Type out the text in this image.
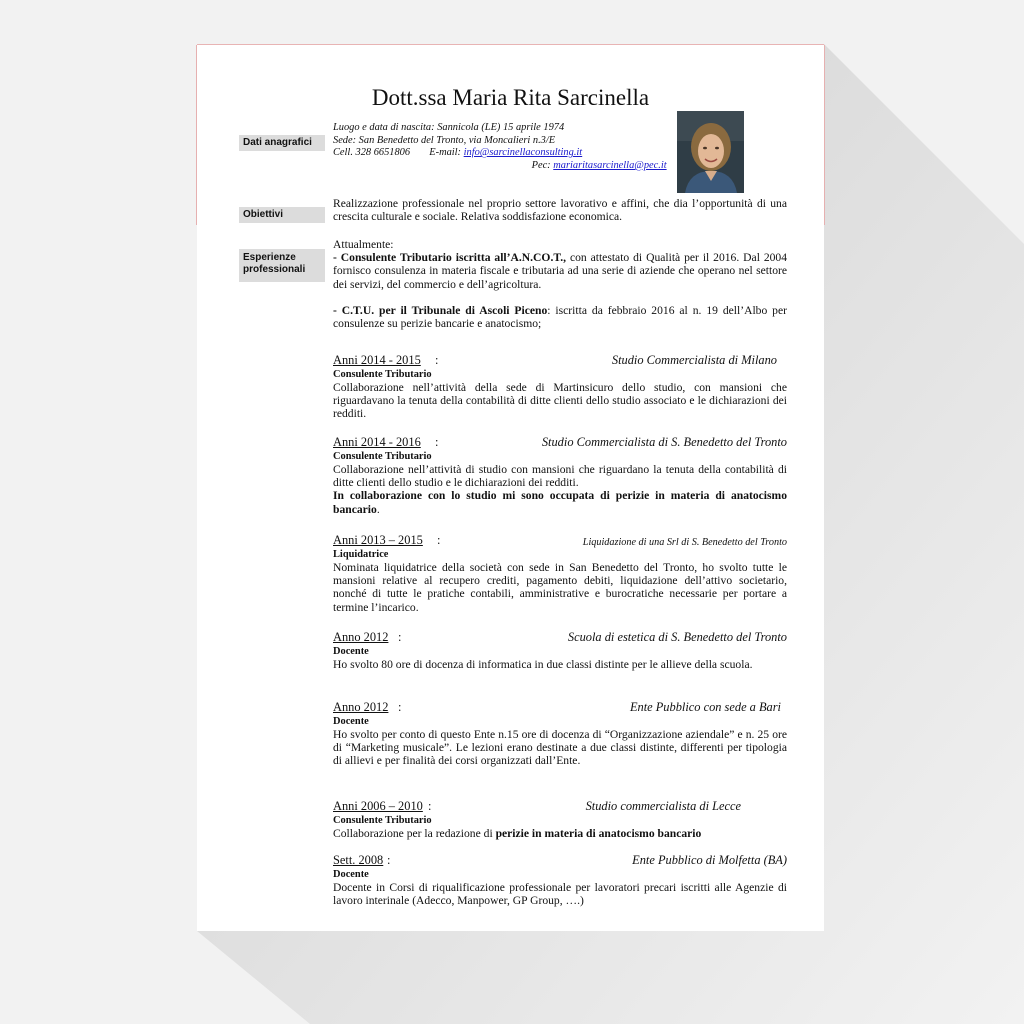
Dott.ssa Maria Rita Sarcinella
Dati anagrafici
Luogo e data di nascita: Sannicola (LE) 15 aprile 1974
Sede: San Benedetto del Tronto, via Moncalieri n.3/E
Cell. 328 6651806 E-mail: info@sarcinellaconsulting.it
Pec: mariaritasarcinella@pec.it
Obiettivi
Realizzazione professionale nel proprio settore lavorativo e affini, che dia l’opportunità di una crescita culturale e sociale. Relativa soddisfazione economica.
Esperienze
professionali

Attualmente:

- Consulente Tributario iscritta all’A.N.CO.T., con attestato di Qualità per il 2016. Dal 2004 fornisco consulenza in materia fiscale e tributaria ad una serie di aziende che operano nel settore dei servizi, del commercio e dell’agricoltura.

- C.T.U. per il Tribunale di Ascoli Piceno: iscritta da febbraio 2016 al n. 19 dell’Albo per consulenze su perizie bancarie e anatocismo;

Anni 2014 - 2015 :	Studio Commercialista di Milano
Consulente Tributario

Collaborazione nell’attività della sede di Martinsicuro dello studio, con mansioni che riguardavano la tenuta della contabilità di ditte clienti dello studio associato e le dichiarazioni dei redditi.

Anni 2014 - 2016 :	Studio Commercialista di S. Benedetto del Tronto
Consulente Tributario

Collaborazione nell’attività di studio con mansioni che riguardano la tenuta della contabilità di ditte clienti dello studio e le dichiarazioni dei redditi.

In collaborazione con lo studio mi sono occupata di perizie in materia di anatocismo bancario.

Anni 2013 – 2015 :	Liquidazione di una Srl di S. Benedetto del Tronto
Liquidatrice

Nominata liquidatrice della società con sede in San Benedetto del Tronto, ho svolto tutte le mansioni relative al recupero crediti, pagamento debiti, liquidazione dell’attivo societario, nonché di tutte le pratiche contabili, amministrative e burocratiche necessarie per portare a termine l’incarico.

Anno 2012 :	Scuola di estetica di S. Benedetto del Tronto
Docente

Ho svolto 80 ore di docenza di informatica in due classi distinte per le allieve della scuola.

Anno 2012 :	Ente Pubblico con sede a Bari
Docente

Ho svolto per conto di questo Ente n.15 ore di docenza di “Organizzazione aziendale” e n. 25 ore di “Marketing musicale”. Le lezioni erano destinate a due classi distinte, differenti per tipologia di allievi e per finalità dei corsi organizzati dall’Ente.

Anni 2006 – 2010 :	Studio commercialista di Lecce
Consulente Tributario

Collaborazione per la redazione di perizie in materia di anatocismo bancario

Sett. 2008 :	Ente Pubblico di Molfetta (BA)
Docente

Docente in Corsi di riqualificazione professionale per lavoratori precari iscritti alle Agenzie di lavoro interinale (Adecco, Manpower, GP Group, ….)
